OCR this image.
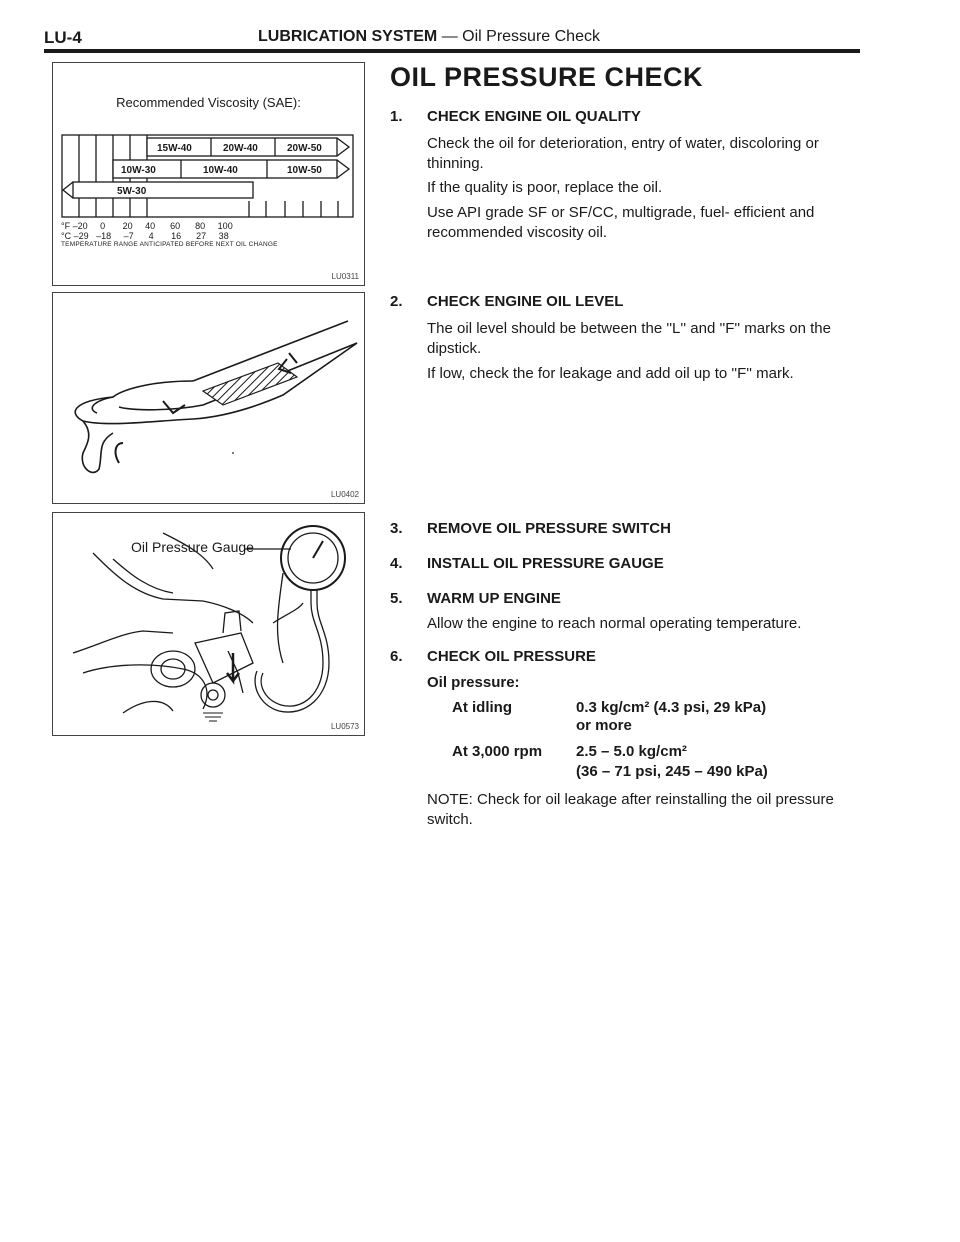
LU-4	LUBRICATION SYSTEM — Oil Pressure Check
Recommended Viscosity (SAE):
15W-40	20W-40	20W-50
10W-30	10W-40	10W-50
5W-30
°F –20     0       20     40      60      80     100
°C –29   –18     –7      4       16      27     38
TEMPERATURE RANGE ANTICIPATED BEFORE NEXT OIL CHANGE
LU0311
LU0402
Oil Pressure Gauge
LU0573
OIL PRESSURE CHECK
1. CHECK ENGINE OIL QUALITY
Check the oil for deterioration, entry of water, discoloring or thinning.
If the quality is poor, replace the oil.
Use API grade SF or SF/CC, multigrade, fuel- efficient and recommended viscosity oil.
2. CHECK ENGINE OIL LEVEL
The oil level should be between the ''L'' and ''F'' marks on the dipstick.
If low, check the for leakage and add oil up to ''F'' mark.
3. REMOVE OIL PRESSURE SWITCH
4. INSTALL OIL PRESSURE GAUGE
5. WARM UP ENGINE
Allow the engine to reach normal operating temperature.
6. CHECK OIL PRESSURE
Oil pressure:
At idling	0.3 kg/cm² (4.3 psi, 29 kPa)
or more
At 3,000 rpm 2.5 – 5.0 kg/cm²
(36 – 71 psi, 245 – 490 kPa)
NOTE: Check for oil leakage after reinstalling the oil pressure switch.
